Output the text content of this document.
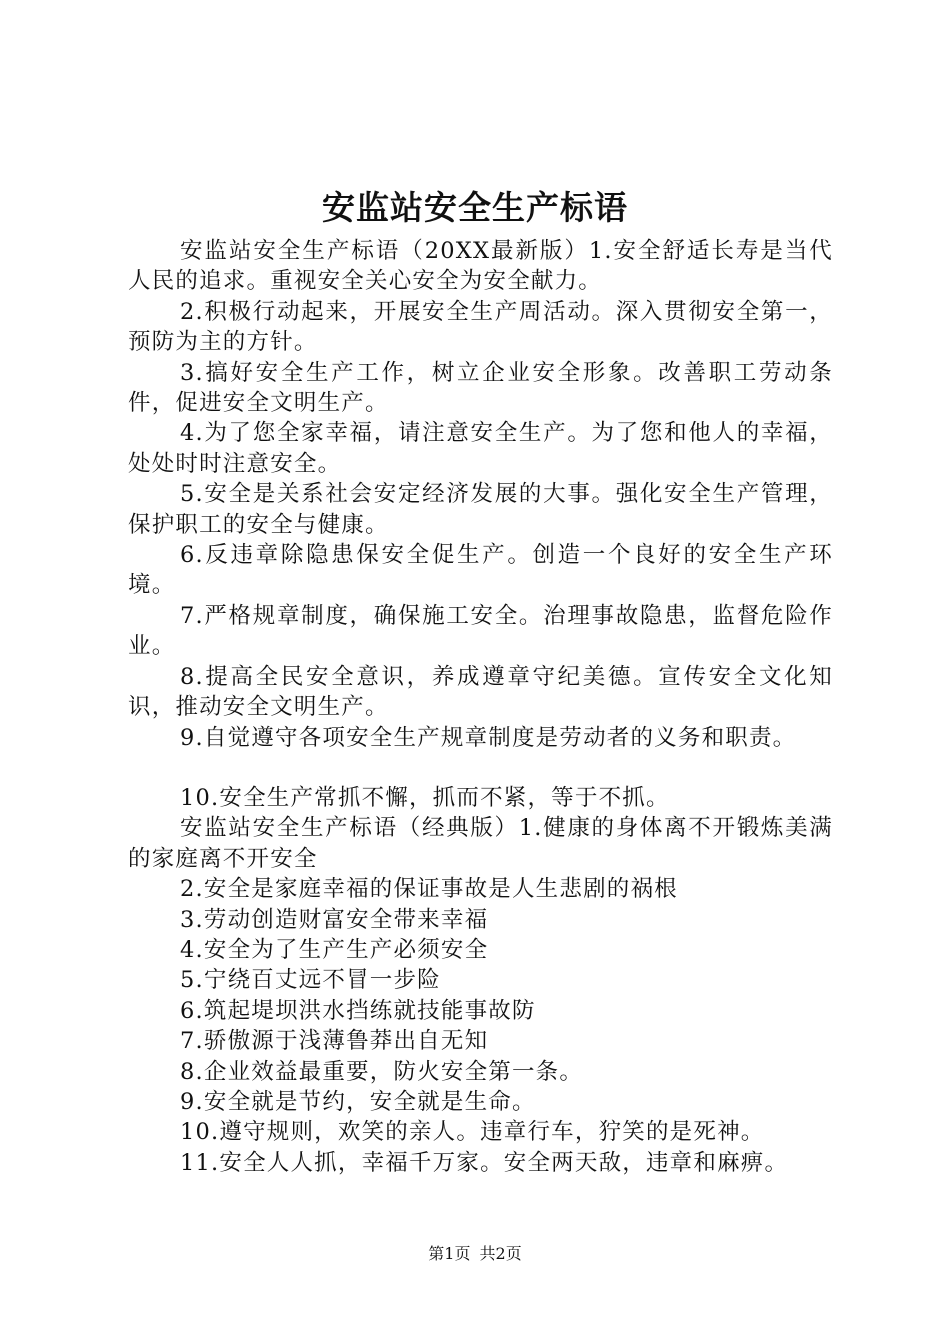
安监站安全生产标语

安监站安全生产标语（20XX最新版）1.安全舒适长寿是当代人民的追求。重视安全关心安全为安全献力。

2.积极行动起来，开展安全生产周活动。深入贯彻安全第一，预防为主的方针。

3.搞好安全生产工作，树立企业安全形象。改善职工劳动条件，促进安全文明生产。

4.为了您全家幸福，请注意安全生产。为了您和他人的幸福，处处时时注意安全。

5.安全是关系社会安定经济发展的大事。强化安全生产管理，保护职工的安全与健康。

6.反违章除隐患保安全促生产。创造一个良好的安全生产环境。

7.严格规章制度，确保施工安全。治理事故隐患，监督危险作业。

8.提高全民安全意识，养成遵章守纪美德。宣传安全文化知识，推动安全文明生产。

9.自觉遵守各项安全生产规章制度是劳动者的义务和职责。

10.安全生产常抓不懈，抓而不紧，等于不抓。

安监站安全生产标语（经典版）1.健康的身体离不开锻炼美满的家庭离不开安全

2.安全是家庭幸福的保证事故是人生悲剧的祸根

3.劳动创造财富安全带来幸福

4.安全为了生产生产必须安全

5.宁绕百丈远不冒一步险

6.筑起堤坝洪水挡练就技能事故防

7.骄傲源于浅薄鲁莽出自无知

8.企业效益最重要，防火安全第一条。

9.安全就是节约，安全就是生命。

10.遵守规则，欢笑的亲人。违章行车，狞笑的是死神。

11.安全人人抓，幸福千万家。安全两天敌，违章和麻痹。

第1页 共2页
